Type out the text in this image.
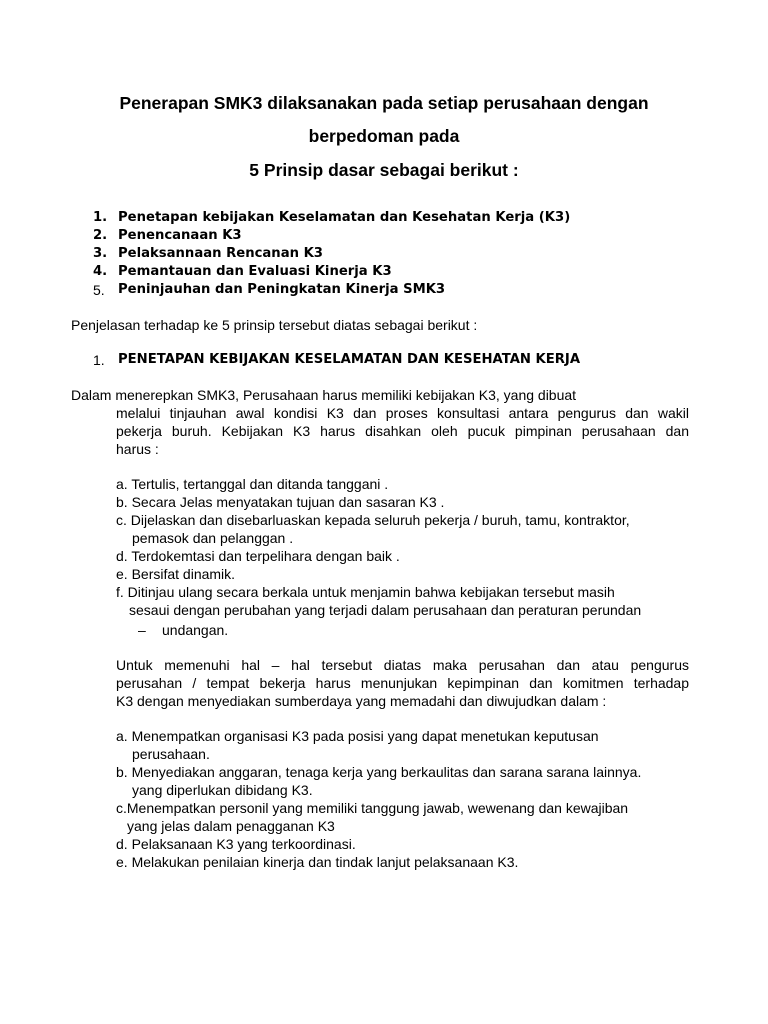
Penerapan SMK3 dilaksanakan pada setiap perusahaan dengan
berpedoman pada
5 Prinsip dasar sebagai berikut :
1. Penetapan kebijakan Keselamatan dan Kesehatan Kerja (K3)
2. Penencanaan K3
3. Pelaksannaan Rencanan K3
4. Pemantauan dan Evaluasi Kinerja K3
5. Peninjauhan dan Peningkatan Kinerja SMK3
Penjelasan terhadap ke 5 prinsip tersebut diatas sebagai berikut :
1. PENETAPAN KEBIJAKAN KESELAMATAN DAN KESEHATAN KERJA
Dalam menerepkan SMK3, Perusahaan harus memiliki kebijakan K3, yang dibuat
melalui tinjauhan awal kondisi K3 dan proses konsultasi antara pengurus dan wakil
pekerja buruh. Kebijakan K3 harus disahkan oleh pucuk pimpinan perusahaan dan
harus :
a. Tertulis, tertanggal dan ditanda tanggani .
b. Secara Jelas menyatakan tujuan dan sasaran K3 .
c. Dijelaskan dan disebarluaskan kepada seluruh pekerja / buruh, tamu, kontraktor,
pemasok dan pelanggan .
d. Terdokemtasi dan terpelihara dengan baik .
e. Bersifat dinamik.
f. Ditinjau ulang secara berkala untuk menjamin bahwa kebijakan tersebut masih
sesaui dengan perubahan yang terjadi dalam perusahaan dan peraturan perundan
– undangan.
Untuk memenuhi hal – hal tersebut diatas maka perusahan dan atau pengurus
perusahan / tempat bekerja harus menunjukan kepimpinan dan komitmen terhadap
K3 dengan menyediakan sumberdaya yang memadahi dan diwujudkan dalam :
a. Menempatkan organisasi K3 pada posisi yang dapat menetukan keputusan
perusahaan.
b. Menyediakan anggaran, tenaga kerja yang berkaulitas dan sarana sarana lainnya.
yang diperlukan dibidang K3.
c.Menempatkan personil yang memiliki tanggung jawab, wewenang dan kewajiban
yang jelas dalam penagganan K3
d. Pelaksanaan K3 yang terkoordinasi.
e. Melakukan penilaian kinerja dan tindak lanjut pelaksanaan K3.
